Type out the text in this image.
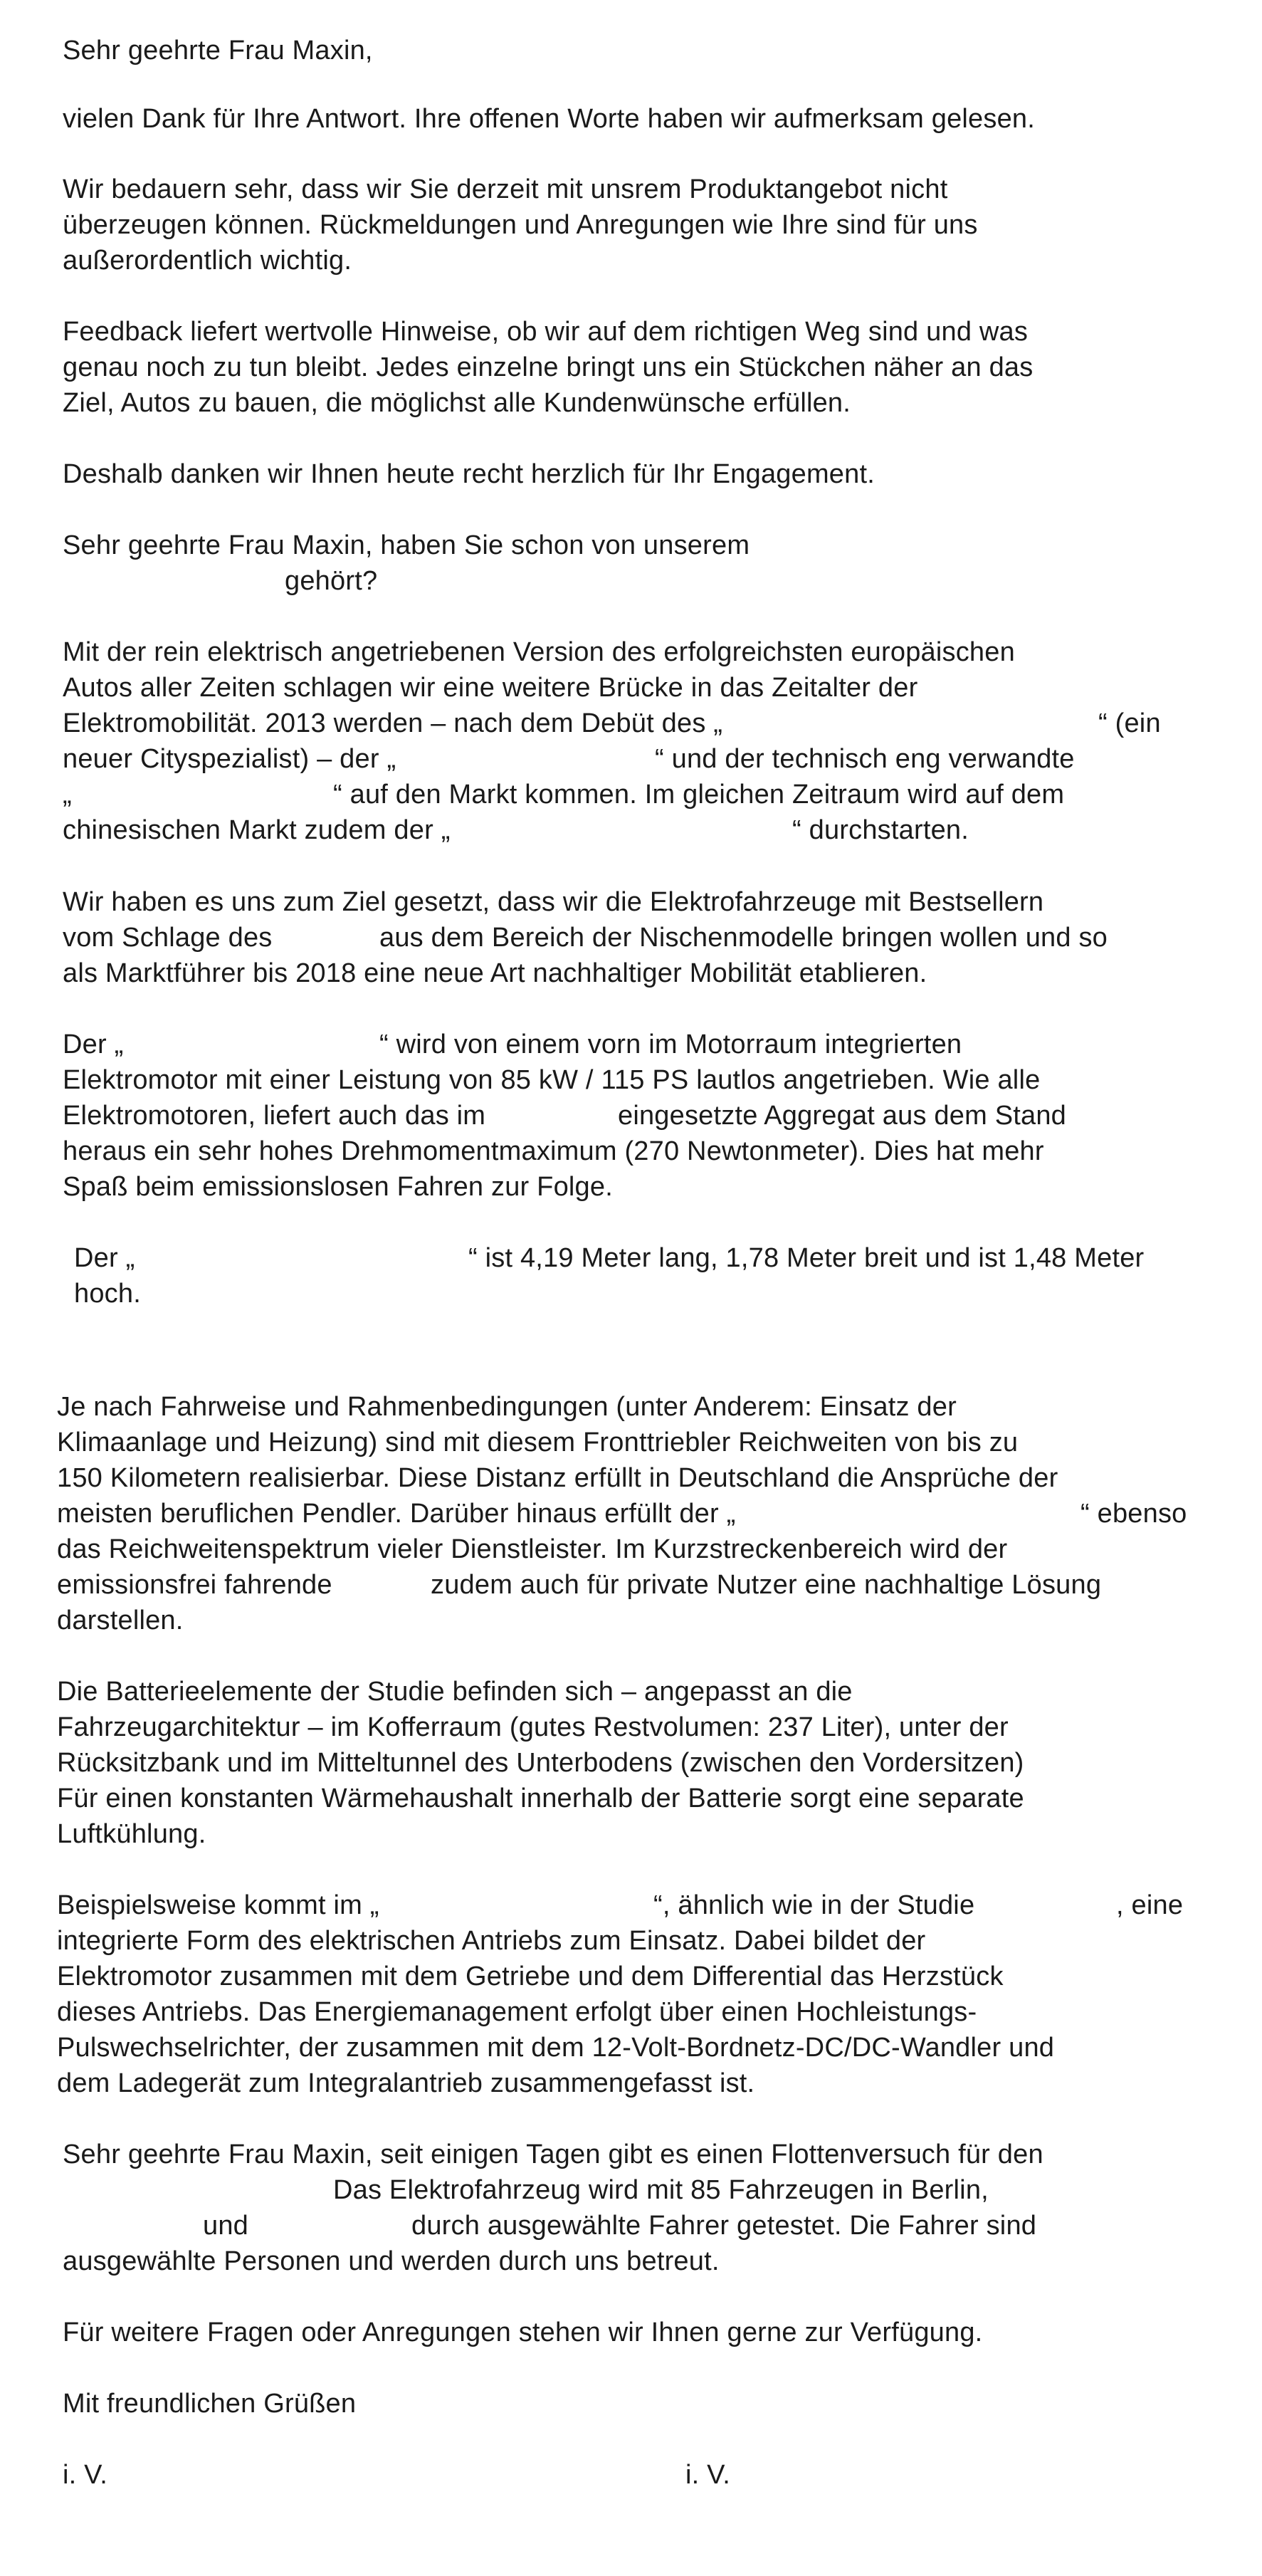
Sehr geehrte Frau Maxin,
vielen Dank für Ihre Antwort. Ihre offenen Worte haben wir aufmerksam gelesen.
Wir bedauern sehr, dass wir Sie derzeit mit unsrem Produktangebot nicht
überzeugen können. Rückmeldungen und Anregungen wie Ihre sind für uns
außerordentlich wichtig.
Feedback liefert wertvolle Hinweise, ob wir auf dem richtigen Weg sind und was
genau noch zu tun bleibt. Jedes einzelne bringt uns ein Stückchen näher an das
Ziel, Autos zu bauen, die möglichst alle Kundenwünsche erfüllen.
Deshalb danken wir Ihnen heute recht herzlich für Ihr Engagement.
Sehr geehrte Frau Maxin, haben Sie schon von unserem
gehört?
Mit der rein elektrisch angetriebenen Version des erfolgreichsten europäischen
Autos aller Zeiten schlagen wir eine weitere Brücke in das Zeitalter der
Elektromobilität. 2013 werden – nach dem Debüt des „	“ (ein
neuer Cityspezialist) – der „	“ und der technisch eng verwandte
„	“ auf den Markt kommen. Im gleichen Zeitraum wird auf dem
chinesischen Markt zudem der „	“ durchstarten.
Wir haben es uns zum Ziel gesetzt, dass wir die Elektrofahrzeuge mit Bestsellern
vom Schlage des	aus dem Bereich der Nischenmodelle bringen wollen und so
als Marktführer bis 2018 eine neue Art nachhaltiger Mobilität etablieren.
Der „	“ wird von einem vorn im Motorraum integrierten
Elektromotor mit einer Leistung von 85 kW / 115 PS lautlos angetrieben. Wie alle
Elektromotoren, liefert auch das im	eingesetzte Aggregat aus dem Stand
heraus ein sehr hohes Drehmomentmaximum (270 Newtonmeter). Dies hat mehr
Spaß beim emissionslosen Fahren zur Folge.
Der „	“ ist 4,19 Meter lang, 1,78 Meter breit und ist 1,48 Meter
hoch.
Je nach Fahrweise und Rahmenbedingungen (unter Anderem: Einsatz der
Klimaanlage und Heizung) sind mit diesem Fronttriebler Reichweiten von bis zu
150 Kilometern realisierbar. Diese Distanz erfüllt in Deutschland die Ansprüche der
meisten beruflichen Pendler. Darüber hinaus erfüllt der „	“ ebenso
das Reichweitenspektrum vieler Dienstleister. Im Kurzstreckenbereich wird der
emissionsfrei fahrende	zudem auch für private Nutzer eine nachhaltige Lösung
darstellen.
Die Batterieelemente der Studie befinden sich – angepasst an die
Fahrzeugarchitektur – im Kofferraum (gutes Restvolumen: 237 Liter), unter der
Rücksitzbank und im Mitteltunnel des Unterbodens (zwischen den Vordersitzen)
Für einen konstanten Wärmehaushalt innerhalb der Batterie sorgt eine separate
Luftkühlung.
Beispielsweise kommt im „	“, ähnlich wie in der Studie	, eine
integrierte Form des elektrischen Antriebs zum Einsatz. Dabei bildet der
Elektromotor zusammen mit dem Getriebe und dem Differential das Herzstück
dieses Antriebs. Das Energiemanagement erfolgt über einen Hochleistungs-
Pulswechselrichter, der zusammen mit dem 12-Volt-Bordnetz-DC/DC-Wandler und
dem Ladegerät zum Integralantrieb zusammengefasst ist.
Sehr geehrte Frau Maxin, seit einigen Tagen gibt es einen Flottenversuch für den
Das Elektrofahrzeug wird mit 85 Fahrzeugen in Berlin,
und	durch ausgewählte Fahrer getestet. Die Fahrer sind
ausgewählte Personen und werden durch uns betreut.
Für weitere Fragen oder Anregungen stehen wir Ihnen gerne zur Verfügung.
Mit freundlichen Grüßen
i. V.	i. V.
